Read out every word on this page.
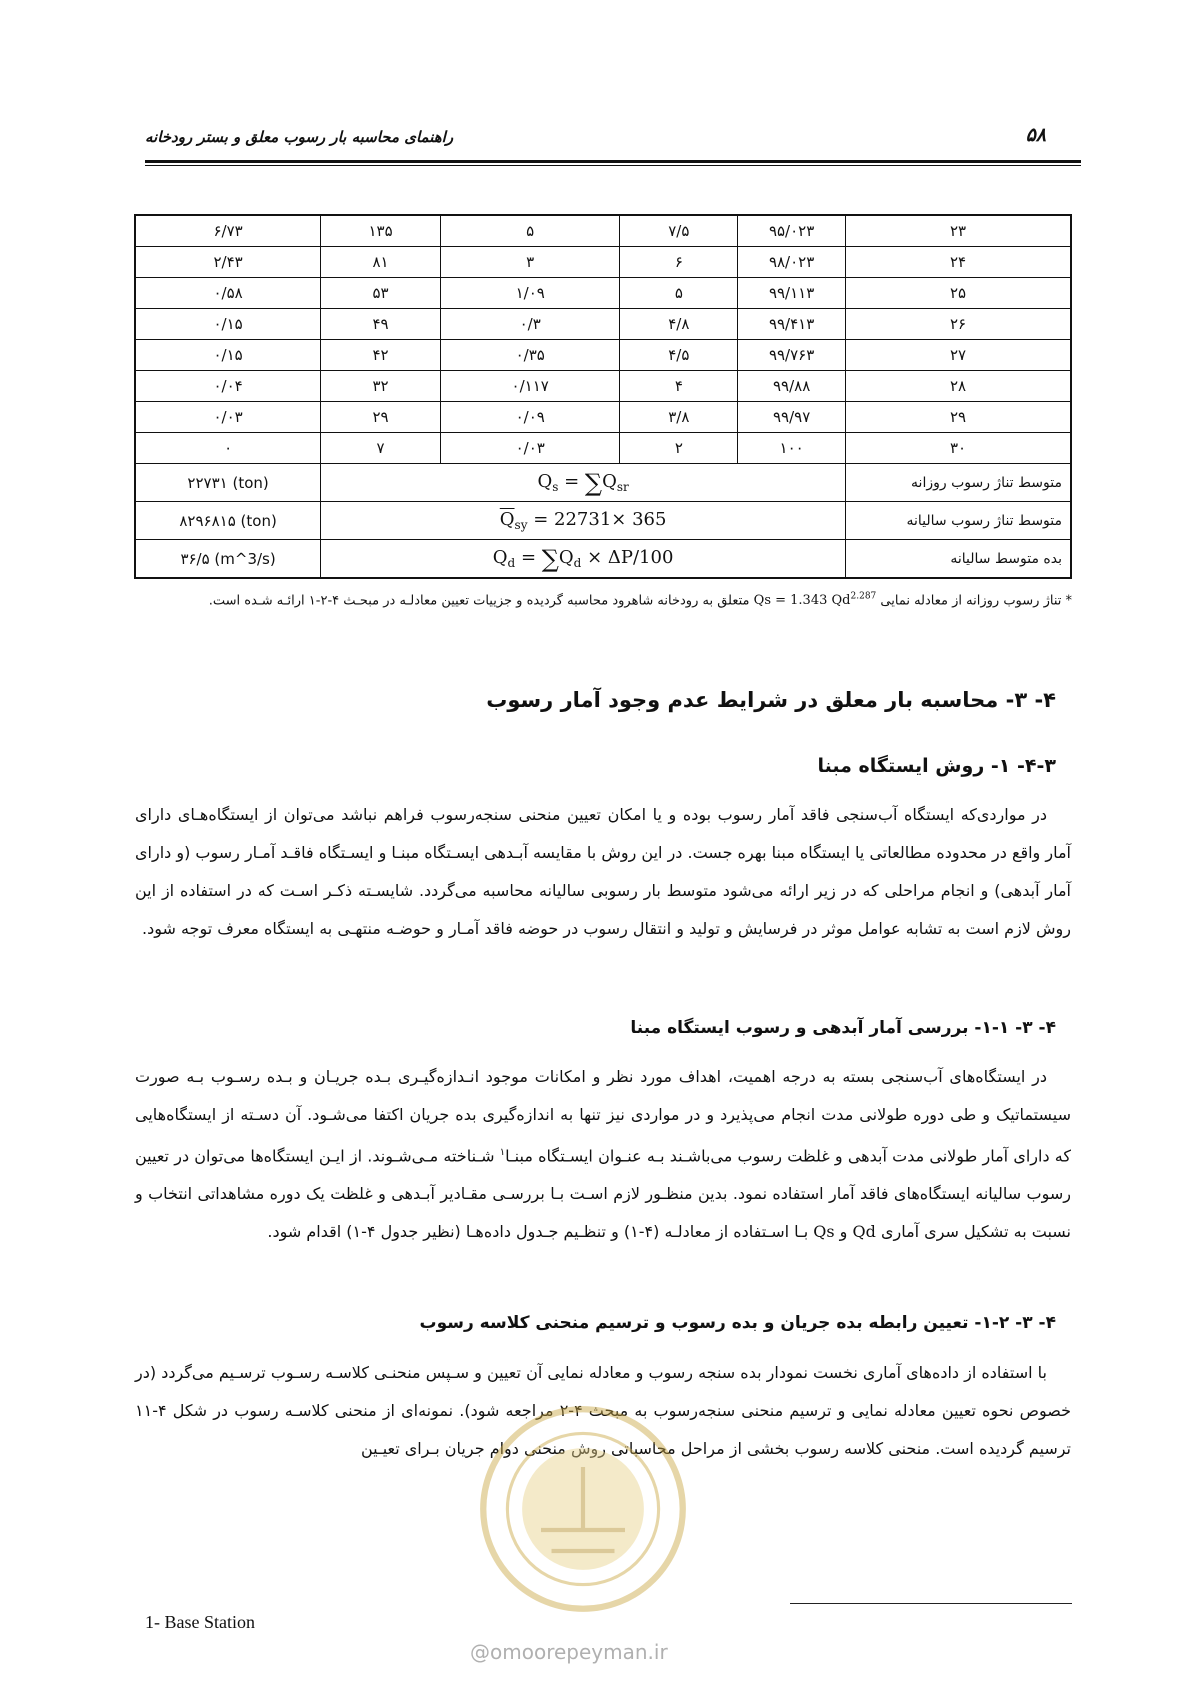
راهنمای محاسبه بار رسوب معلق و بستر رودخانه	۵۸
۲۳	۹۵/۰۲۳	۷/۵	۵	۱۳۵	۶/۷۳
۲۴	۹۸/۰۲۳	۶	۳	۸۱	۲/۴۳
۲۵	۹۹/۱۱۳	۵	۱/۰۹	۵۳	۰/۵۸
۲۶	۹۹/۴۱۳	۴/۸	۰/۳	۴۹	۰/۱۵
۲۷	۹۹/۷۶۳	۴/۵	۰/۳۵	۴۲	۰/۱۵
۲۸	۹۹/۸۸	۴	۰/۱۱۷	۳۲	۰/۰۴
۲۹	۹۹/۹۷	۳/۸	۰/۰۹	۲۹	۰/۰۳
۳۰	۱۰۰	۲	۰/۰۳	۷	۰
متوسط تناژ رسوب روزانه	$Q_s = \sum Q_{sr}$				۲۲۷۳۱ (ton)
متوسط تناژ رسوب سالیانه	$\overline{Q}_{sy} = 22731\times 365$				۸۲۹۶۸۱۵ (ton)
بده متوسط سالیانه	$Q_d = \sum Q_d \times \Delta P/100$				۳۶/۵ (m^3/s)
* تناژ رسوب روزانه از معادله نمایی Qs = 1.343 $Qd^{2.287}$ متعلق به رودخانه شاهرود محاسبه گردیده و جزییات تعیین معادلـه در مبحـث ۴-۲-۱ ارائـه شـده است.
۴- ۳- محاسبه بار معلق در شرایط عدم وجود آمار رسوب
۴-۳- ۱- روش ایستگاه مبنا
در مواردی‌که ایستگاه آب‌سنجی فاقد آمار رسوب بوده و یا امکان تعیین منحنی سنجه‌رسوب فراهم نباشد می‌توان از ایستگاه‌هـای دارای آمار واقع در محدوده مطالعاتی یا ایستگاه مبنا بهره جست. در این روش با مقایسه آبـدهی ایسـتگاه مبنـا و ایسـتگاه فاقـد آمـار رسوب (و دارای آمار آبدهی) و انجام مراحلی که در زیر ارائه می‌شود متوسط بار رسوبی سالیانه محاسبه می‌گردد. شایسـته ذکـر اسـت که در استفاده از این روش لازم است به تشابه عوامل موثر در فرسایش و تولید و انتقال رسوب در حوضه فاقد آمـار و حوضـه منتهـی به ایستگاه معرف توجه شود.
۴- ۳- ۱-۱- بررسی آمار آبدهی و رسوب ایستگاه مبنا
در ایستگاه‌های آب‌سنجی بسته به درجه اهمیت، اهداف مورد نظر و امکانات موجود انـدازه‌گیـری بـده جریـان و بـده رسـوب بـه صورت سیستماتیک و طی دوره طولانی مدت انجام می‌پذیرد و در مواردی نیز تنها به اندازه‌گیری بده جریان اکتفا می‌شـود. آن دسـته از ایستگاه‌هایی که دارای آمار طولانی مدت آبدهی و غلظت رسوب می‌باشـند بـه عنـوان ایسـتگاه مبنـا$^۱$ شـناخته مـی‌شـوند. از ایـن ایستگاه‌ها می‌توان در تعیین رسوب سالیانه ایستگاه‌های فاقد آمار استفاده نمود. بدین منظـور لازم اسـت بـا بررسـی مقـادیر آبـدهی و غلظت یک دوره مشاهداتی انتخاب و نسبت به تشکیل سری آماری Qd و Qs بـا اسـتفاده از معادلـه (۴-۱) و تنظـیم جـدول داده‌هـا (نظیر جدول ۴-۱) اقدام شود.
۴- ۳- ۱-۲- تعیین رابطه بده جریان و بده رسوب و ترسیم منحنی کلاسه رسوب
با استفاده از داده‌های آماری نخست نمودار بده سنجه رسوب و معادله نمایی آن تعیین و سـپس منحنـی کلاسـه رسـوب ترسـیم می‌گردد (در خصوص نحوه تعیین معادله نمایی و ترسیم منحنی سنجه‌رسوب به مبحث ۴-۲ مراجعه شود). نمونه‌ای از منحنی کلاسـه رسوب در شکل ۴-۱۱ ترسیم گردیده است. منحنی کلاسه رسوب بخشی از مراحل محاسباتی روش منحنی دوام جریان بـرای تعیـین
1- Base Station
@omoorepeyman.ir
